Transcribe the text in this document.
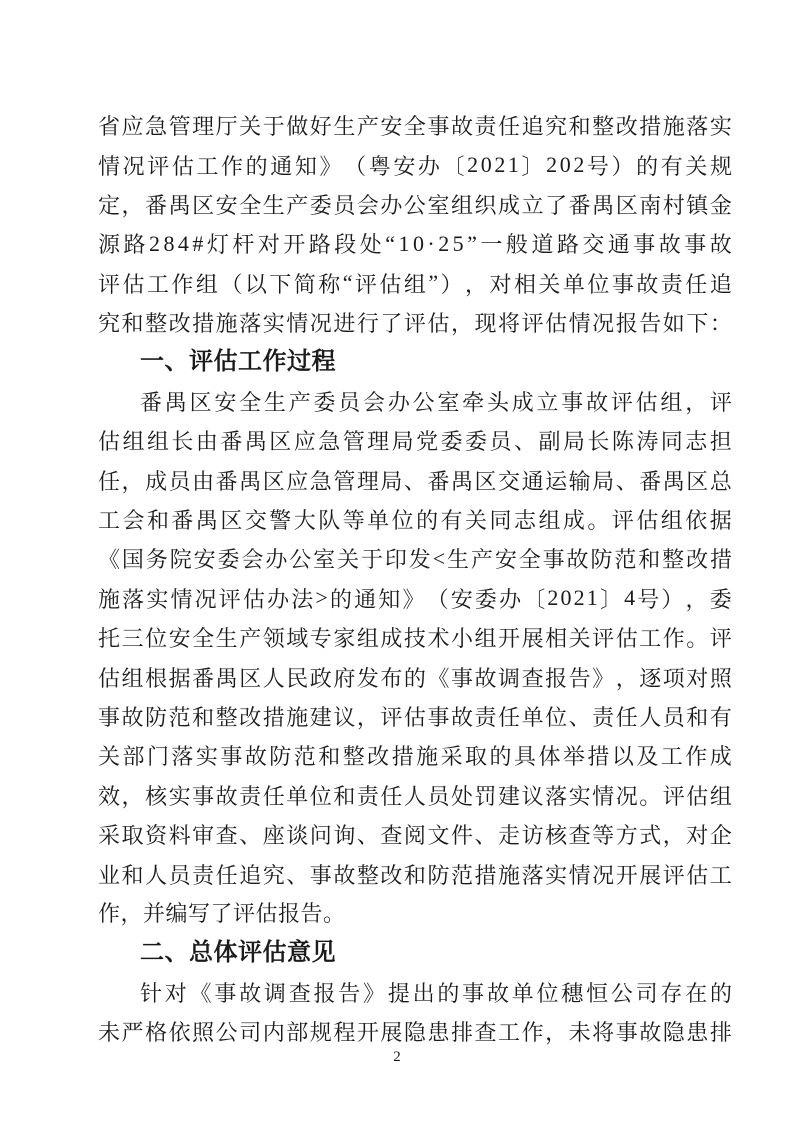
省 应 急 管 理 厅 关 于 做 好 生 产 安 全 事 故 责 任 追 究 和 整 改 措 施 落 实
情 况 评 估 工 作 的 通 知 》 （ 粤 安 办 〔 2 0 2 1 〕 2 0 2 号 ） 的 有 关 规
定 ， 番 禺 区 安 全 生 产 委 员 会 办 公 室 组 织 成 立 了 番 禺 区 南 村 镇 金
源 路 2 8 4 # 灯 杆 对 开 路 段 处 “ 1 0 · 2 5 ” 一 般 道 路 交 通 事 故 事 故
评 估 工 作 组 （ 以 下 简 称 “ 评 估 组 ” ） ， 对 相 关 单 位 事 故 责 任 追
究 和 整 改 措 施 落 实 情 况 进 行 了 评 估 ， 现 将 评 估 情 况 报 告 如 下 ：
一、评估工作过程
番 禺 区 安 全 生 产 委 员 会 办 公 室 牵 头 成 立 事 故 评 估 组 ， 评
估 组 组 长 由 番 禺 区 应 急 管 理 局 党 委 委 员 、 副 局 长 陈 涛 同 志 担
任 ， 成 员 由 番 禺 区 应 急 管 理 局 、 番 禺 区 交 通 运 输 局 、 番 禺 区 总
工 会 和 番 禺 区 交 警 大 队 等 单 位 的 有 关 同 志 组 成 。 评 估 组 依 据
《 国 务 院 安 委 会 办 公 室 关 于 印 发 < 生 产 安 全 事 故 防 范 和 整 改 措
施 落 实 情 况 评 估 办 法 > 的 通 知 》 （ 安 委 办 〔 2 0 2 1 〕 4 号 ） ， 委
托 三 位 安 全 生 产 领 域 专 家 组 成 技 术 小 组 开 展 相 关 评 估 工 作 。 评
估 组 根 据 番 禺 区 人 民 政 府 发 布 的 《 事 故 调 查 报 告 》 ， 逐 项 对 照
事 故 防 范 和 整 改 措 施 建 议 ， 评 估 事 故 责 任 单 位 、 责 任 人 员 和 有
关 部 门 落 实 事 故 防 范 和 整 改 措 施 采 取 的 具 体 举 措 以 及 工 作 成
效 ， 核 实 事 故 责 任 单 位 和 责 任 人 员 处 罚 建 议 落 实 情 况 。 评 估 组
采 取 资 料 审 查 、 座 谈 问 询 、 查 阅 文 件 、 走 访 核 查 等 方 式 ， 对 企
业 和 人 员 责 任 追 究 、 事 故 整 改 和 防 范 措 施 落 实 情 况 开 展 评 估 工
作，并编写了评估报告。
二、总体评估意见
针 对 《 事 故 调 查 报 告 》 提 出 的 事 故 单 位 穗 恒 公 司 存 在 的
未 严 格 依 照 公 司 内 部 规 程 开 展 隐 患 排 查 工 作 ， 未 将 事 故 隐 患 排
2
